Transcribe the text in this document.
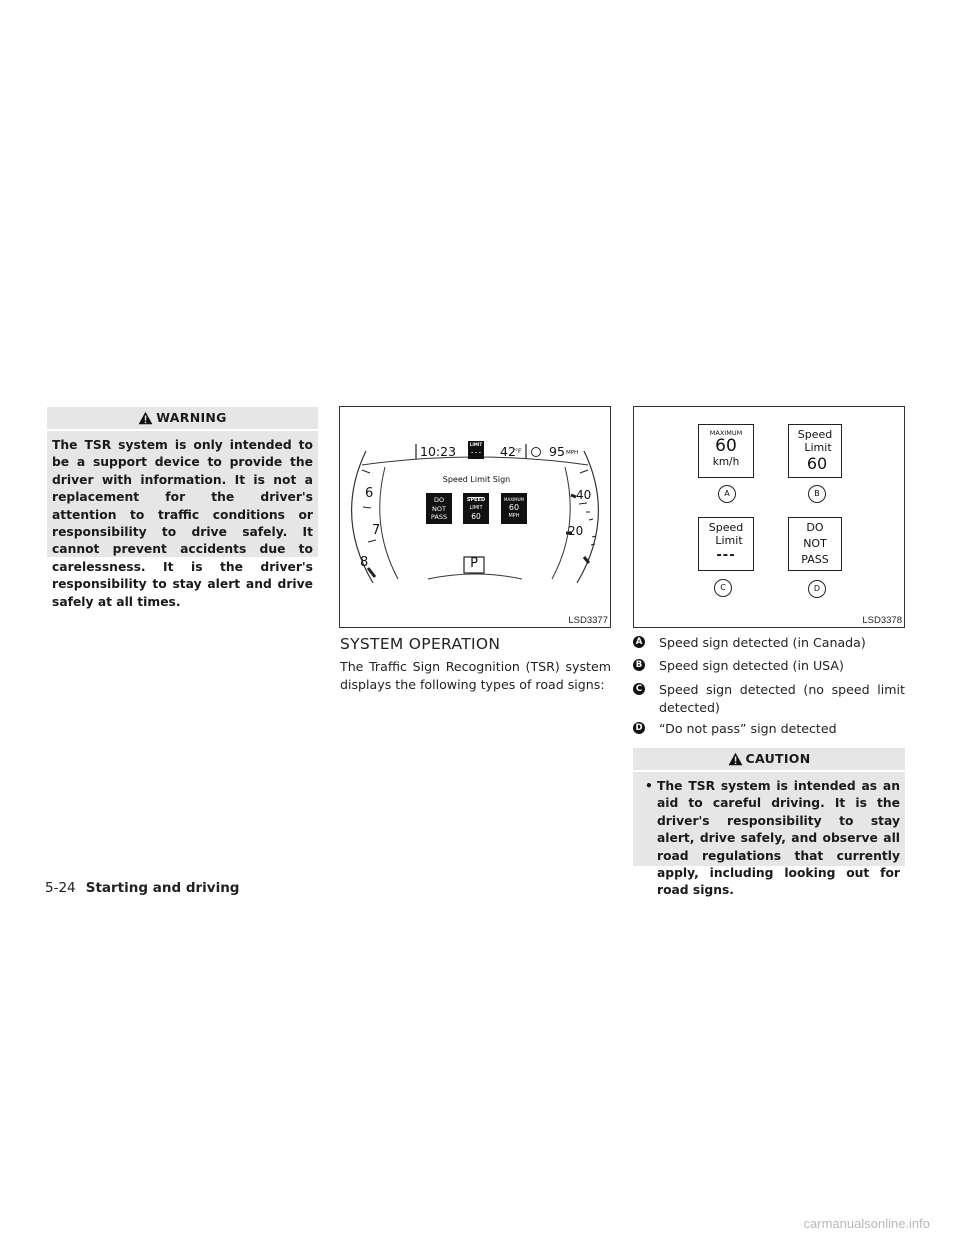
WARNING
The TSR system is only intended to be a support device to provide the driver with information. It is not a replacement for the driver's attention to traffic conditions or responsibility to drive safely. It cannot prevent accidents due to carelessness. It is the driver's responsibility to stay alert and drive safely at all times.
10:23	LIMIT
- - - 42 °F 95 MPH
Speed Limit Sign
DO
NOT
PASS
SPEED
LIMIT
60
MAXIMUM
60
MPH
P
6
7
8
40
20
LSD3377
MAXIMUM
60
km/h
Speed
Limit
60
A	B
Speed
Limit
---
DO
NOT
PASS
C	D
LSD3378
SYSTEM OPERATION
The Traffic Sign Recognition (TSR) system displays the following types of road signs:
A Speed sign detected (in Canada)
B Speed sign detected (in USA)
C Speed sign detected (no speed limit detected)
D “Do not pass” sign detected
CAUTION
• The TSR system is intended as an aid to careful driving. It is the driver's responsibility to stay alert, drive safely, and observe all road regulations that currently apply, including looking out for road signs.
5-24 Starting and driving
carmanualsonline.info
